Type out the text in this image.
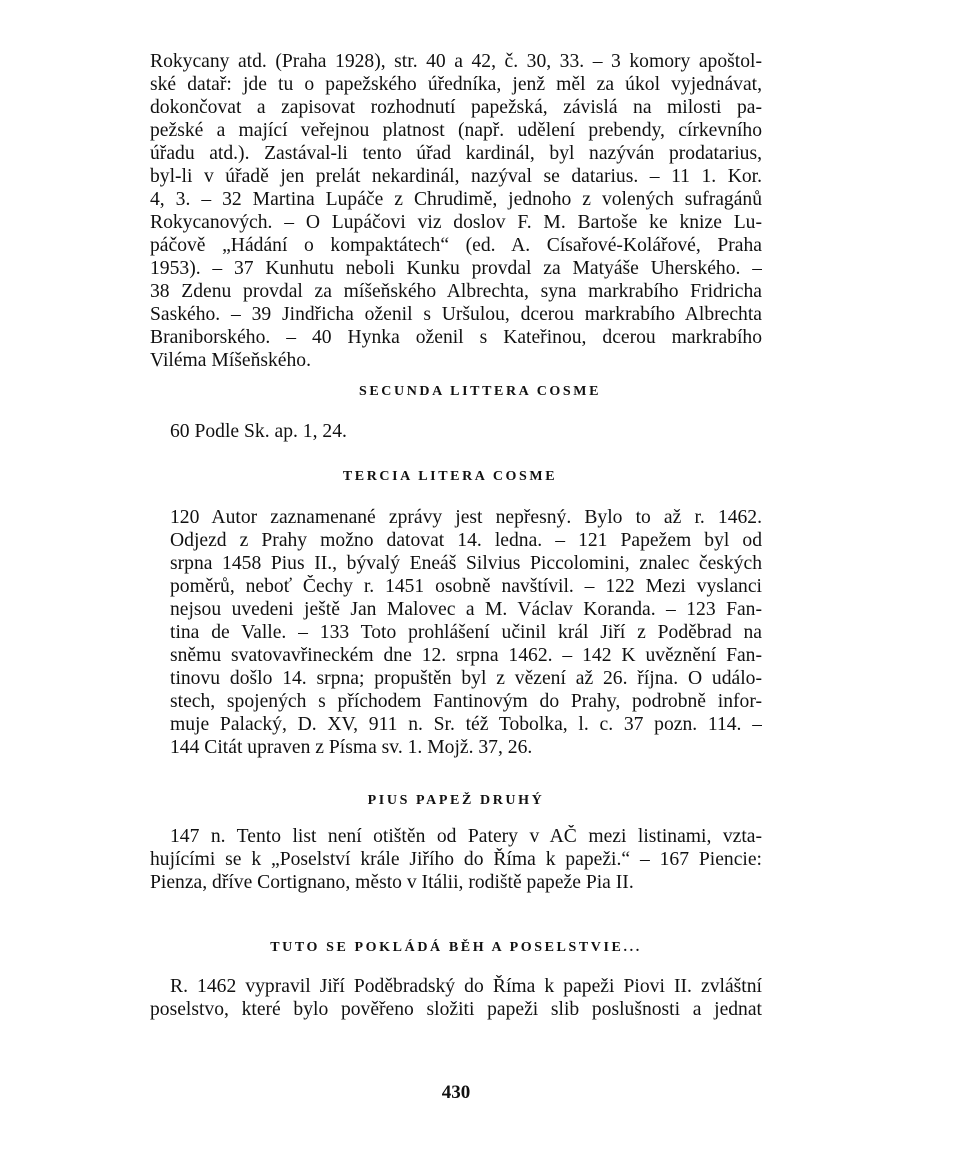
Rokycany atd. (Praha 1928), str. 40 a 42, č. 30, 33. – 3 komory apoštol-
ské datař: jde tu o papežského úředníka, jenž měl za úkol vyjednávat,
dokončovat a zapisovat rozhodnutí papežská, závislá na milosti pa-
pežské a mající veřejnou platnost (např. udělení prebendy, církevního
úřadu atd.). Zastával-li tento úřad kardinál, byl nazýván prodatarius,
byl-li v úřadě jen prelát nekardinál, nazýval se datarius. – 11 1. Kor.
4, 3. – 32 Martina Lupáče z Chrudimě, jednoho z volených sufragánů
Rokycanových. – O Lupáčovi viz doslov F. M. Bartoše ke knize Lu-
páčově „Hádání o kompaktátech“ (ed. A. Císařové-Kolářové, Praha
1953). – 37 Kunhutu neboli Kunku provdal za Matyáše Uherského. –
38 Zdenu provdal za míšeňského Albrechta, syna markrabího Fridricha
Saského. – 39 Jindřicha oženil s Uršulou, dcerou markrabího Albrechta
Braniborského. – 40 Hynka oženil s Kateřinou, dcerou markrabího
Viléma Míšeňského.
SECUNDA LITTERA COSME

60 Podle Sk. ap. 1, 24.

TERCIA LITERA COSME
120 Autor zaznamenané zprávy jest nepřesný. Bylo to až r. 1462.
Odjezd z Prahy možno datovat 14. ledna. – 121 Papežem byl od
srpna 1458 Pius II., bývalý Eneáš Silvius Piccolomini, znalec českých
poměrů, neboť Čechy r. 1451 osobně navštívil. – 122 Mezi vyslanci
nejsou uvedeni ještě Jan Malovec a M. Václav Koranda. – 123 Fan-
tina de Valle. – 133 Toto prohlášení učinil král Jiří z Poděbrad na
sněmu svatovavřineckém dne 12. srpna 1462. – 142 K uvěznění Fan-
tinovu došlo 14. srpna; propuštěn byl z vězení až 26. října. O událo-
stech, spojených s příchodem Fantinovým do Prahy, podrobně infor-
muje Palacký, D. XV, 911 n. Sr. též Tobolka, l. c. 37 pozn. 114. –
144 Citát upraven z Písma sv. 1. Mojž. 37, 26.
PIUS PAPEŽ DRUHÝ
147 n. Tento list není otištěn od Patery v AČ mezi listinami, vzta-
hujícími se k „Poselství krále Jiřího do Říma k papeži.“ – 167 Piencie:
Pienza, dříve Cortignano, město v Itálii, rodiště papeže Pia II.
TUTO SE POKLÁDÁ BĚH A POSELSTVIE...
R. 1462 vypravil Jiří Poděbradský do Říma k papeži Piovi II. zvláštní
poselstvo, které bylo pověřeno složiti papeži slib poslušnosti a jednat

430
